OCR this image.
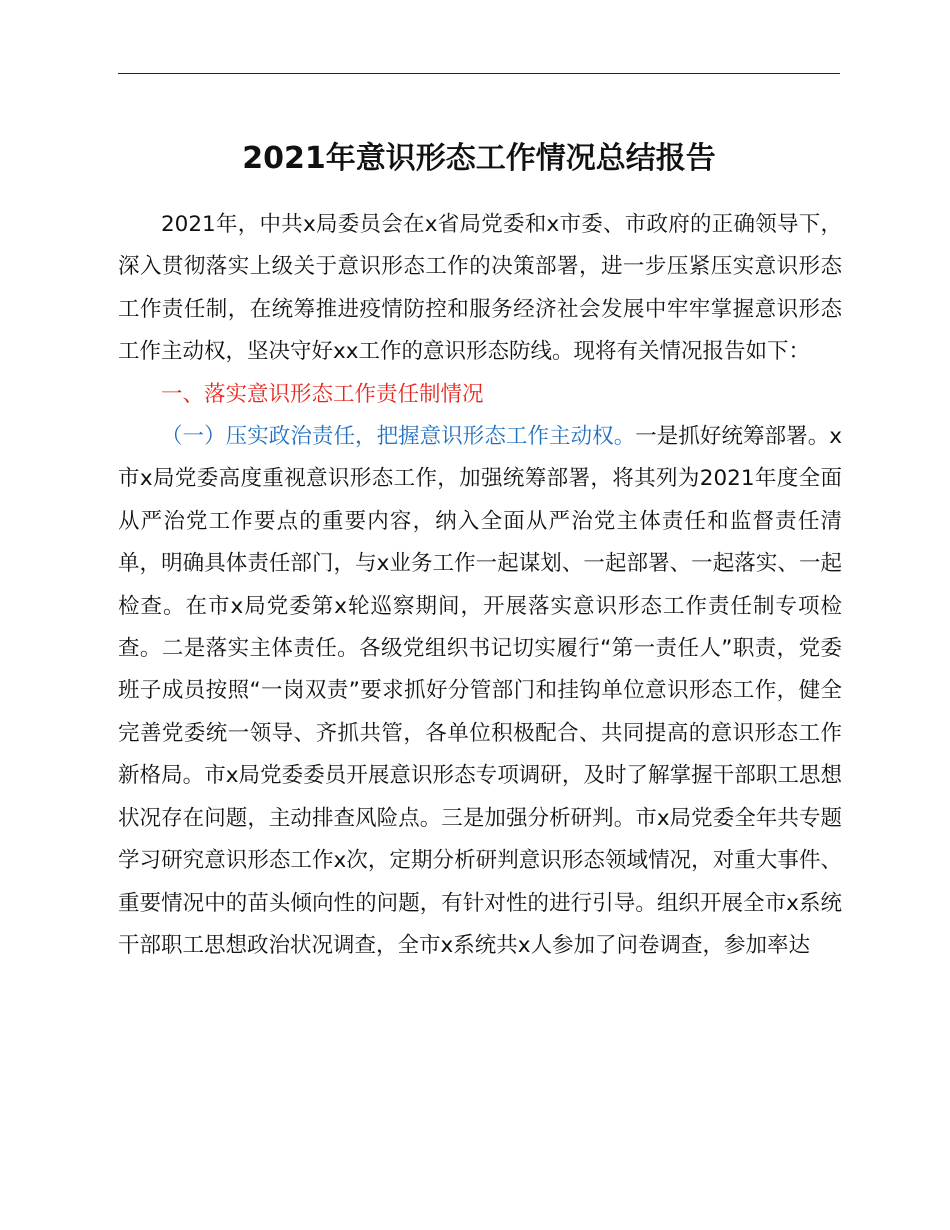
2021年意识形态工作情况总结报告

2021年，中共x局委员会在x省局党委和x市委、市政府的正确领导下，深入贯彻落实上级关于意识形态工作的决策部署，进一步压紧压实意识形态工作责任制，在统筹推进疫情防控和服务经济社会发展中牢牢掌握意识形态工作主动权，坚决守好xx工作的意识形态防线。现将有关情况报告如下：

一、落实意识形态工作责任制情况

（一）压实政治责任，把握意识形态工作主动权。一是抓好统筹部署。x市x局党委高度重视意识形态工作，加强统筹部署，将其列为2021年度全面从严治党工作要点的重要内容，纳入全面从严治党主体责任和监督责任清单，明确具体责任部门，与x业务工作一起谋划、一起部署、一起落实、一起检查。在市x局党委第x轮巡察期间，开展落实意识形态工作责任制专项检查。二是落实主体责任。各级党组织书记切实履行“第一责任人”职责，党委班子成员按照“一岗双责”要求抓好分管部门和挂钩单位意识形态工作，健全完善党委统一领导、齐抓共管，各单位积极配合、共同提高的意识形态工作新格局。市x局党委委员开展意识形态专项调研，及时了解掌握干部职工思想状况存在问题，主动排查风险点。三是加强分析研判。市x局党委全年共专题学习研究意识形态工作x次，定期分析研判意识形态领域情况，对重大事件、重要情况中的苗头倾向性的问题，有针对性的进行引导。组织开展全市x系统干部职工思想政治状况调查，全市x系统共x人参加了问卷调查，参加率达
